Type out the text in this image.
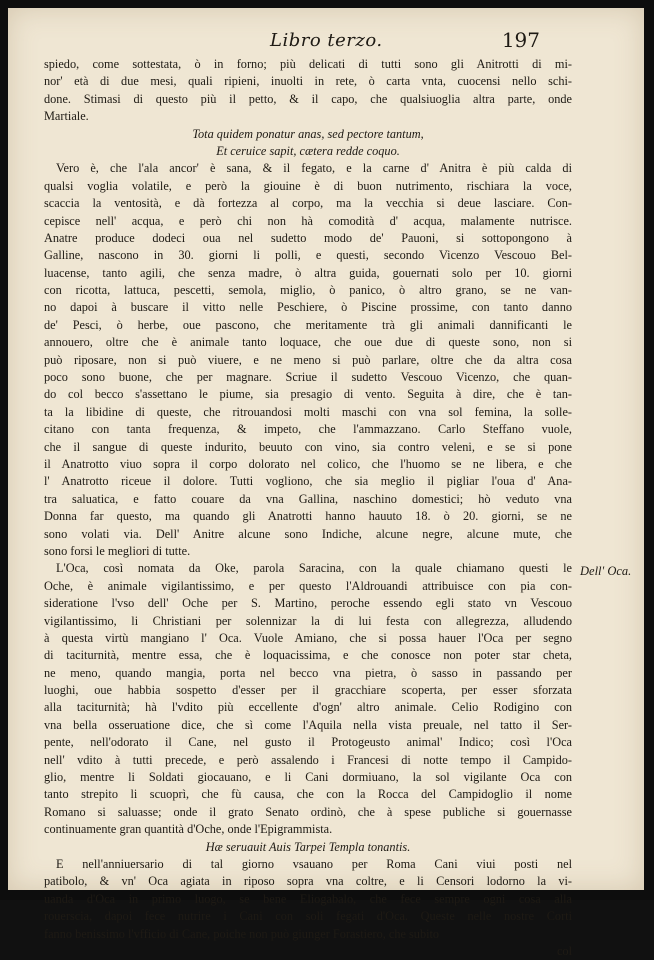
Libro terzo.	197
spiedo, come sottestata, ò in forno; più delicati di tutti sono gli Anitrotti di mi-
nor' età di due mesi, quali ripieni, inuolti in rete, ò carta vnta, cuocensi nello schi-
done. Stimasi di questo più il petto, & il capo, che qualsiuoglia altra parte, onde
Martiale.
Tota quidem ponatur anas, sed pectore tantum,
Et ceruice sapit, cætera redde coquo.
Vero è, che l'ala ancor' è sana, & il fegato, e la carne d' Anitra è più calda di
qualsi voglia volatile, e però la giouine è di buon nutrimento, rischiara la voce,
scaccia la ventosità, e dà fortezza al corpo, ma la vecchia si deue lasciare. Con-
cepisce nell' acqua, e però chi non hà comodità d' acqua, malamente nutrisce.
Anatre produce dodeci oua nel sudetto modo de' Pauoni, si sottopongono à
Galline, nascono in 30. giorni li polli, e questi, secondo Vicenzo Vescouo Bel-
luacense, tanto agili, che senza madre, ò altra guida, gouernati solo per 10. giorni
con ricotta, lattuca, pescetti, semola, miglio, ò panico, ò altro grano, se ne van-
no dapoi à buscare il vitto nelle Peschiere, ò Piscine prossime, con tanto danno
de' Pesci, ò herbe, oue pascono, che meritamente trà gli animali dannificanti le
annouero, oltre che è animale tanto loquace, che oue due di queste sono, non si
può riposare, non si può viuere, e ne meno si può parlare, oltre che da altra cosa
poco sono buone, che per magnare. Scriue il sudetto Vescouo Vicenzo, che quan-
do col becco s'assettano le piume, sia presagio di vento. Seguita à dire, che è tan-
ta la libidine di queste, che ritrouandosi molti maschi con vna sol femina, la solle-
citano con tanta frequenza, & impeto, che l'ammazzano. Carlo Steffano vuole,
che il sangue di queste indurito, beuuto con vino, sia contro veleni, e se si pone
il Anatrotto viuo sopra il corpo dolorato nel colico, che l'huomo se ne libera, e che
l' Anatrotto riceue il dolore. Tutti vogliono, che sia meglio il pigliar l'oua d' Ana-
tra saluatica, e fatto couare da vna Gallina, naschino domestici; hò veduto vna
Donna far questo, ma quando gli Anatrotti hanno hauuto 18. ò 20. giorni, se ne
sono volati via. Dell' Anitre alcune sono Indiche, alcune negre, alcune mute, che
sono forsi le megliori di tutte.
L'Oca, così nomata da Oke, parola Saracina, con la quale chiamano questi le
Oche, è animale vigilantissimo, e per questo l'Aldrouandi attribuisce con pia con-
sideratione l'vso dell' Oche per S. Martino, peroche essendo egli stato vn Vescouo
vigilantissimo, li Christiani per solennizar la di lui festa con allegrezza, alludendo
à questa virtù mangiano l' Oca. Vuole Amiano, che si possa hauer l'Oca per segno
di taciturnità, mentre essa, che è loquacissima, e che conosce non poter star cheta,
ne meno, quando mangia, porta nel becco vna pietra, ò sasso in passando per
luoghi, oue habbia sospetto d'esser per il gracchiare scoperta, per esser sforzata
alla taciturnità; hà l'vdito più eccellente d'ogn' altro animale. Celio Rodigino con
vna bella osseruatione dice, che sì come l'Aquila nella vista preuale, nel tatto il Ser-
pente, nell'odorato il Cane, nel gusto il Protogeusto animal' Indico; così l'Oca
nell' vdito à tutti precede, e però assalendo i Francesi di notte tempo il Campido-
glio, mentre li Soldati giocauano, e li Cani dormiuano, la sol vigilante Oca con
tanto strepito li scuoprì, che fù causa, che con la Rocca del Campidoglio il nome
Romano si saluasse; onde il grato Senato ordinò, che à spese publiche si gouernasse
continuamente gran quantità d'Oche, onde l'Epigrammista.
Hæ seruauit Auis Tarpei Templa tonantis.
E nell'anniuersario di tal giorno vsauano per Roma Cani viui posti nel
patibolo, & vn' Oca agiata in riposo sopra vna coltre, e li Censori lodorno la vi-
uanda d'Oca in primo luogo, se bene Eliogabalo, che fece sempre ogni cosa alla
rouerscia, dapoi fece nutrire i Cani con soli fegati d'Oca. Queste nelle nostre Corti
fanno benissimo l'vfficio di Cane, poiche non può giunger Forastiero, che subito
col
Dell' Oca.
